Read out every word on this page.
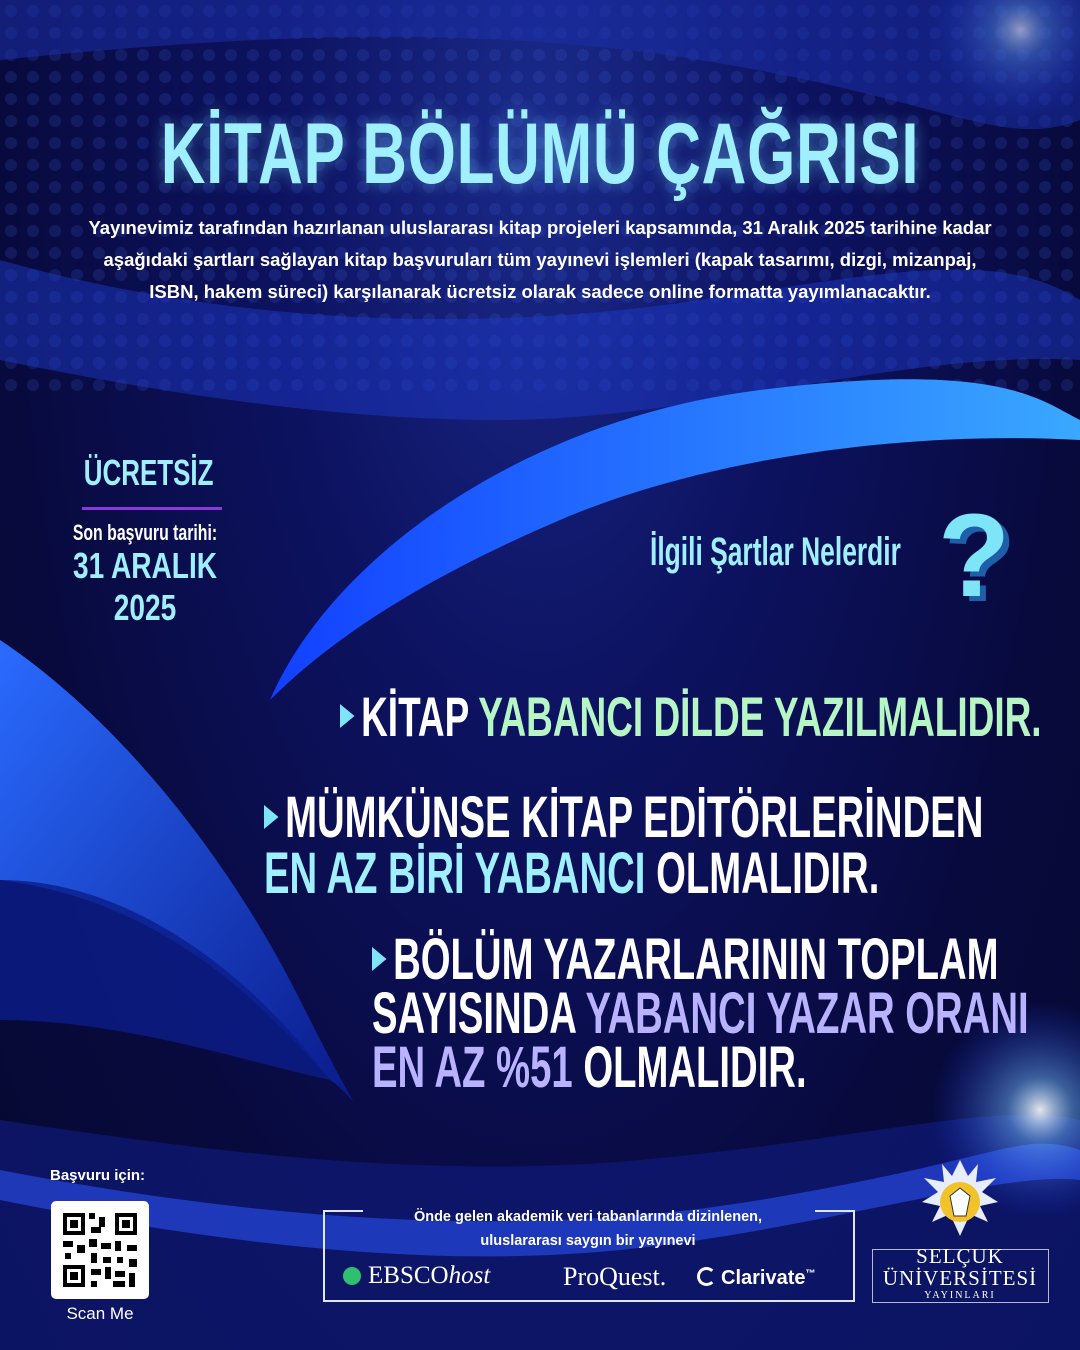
KİTAP BÖLÜMÜ ÇAĞRISI
Yayınevimiz tarafından hazırlanan uluslararası kitap projeleri kapsamında, 31 Aralık 2025 tarihine kadar aşağıdaki şartları sağlayan kitap başvuruları tüm yayınevi işlemleri (kapak tasarımı, dizgi, mizanpaj, ISBN, hakem süreci) karşılanarak ücretsiz olarak sadece online formatta yayımlanacaktır.
ÜCRETSİZ
Son başvuru tarihi:
31 ARALIK 2025
İlgili Şartlar Nelerdir ?
KİTAP YABANCI DİLDE YAZILMALIDIR.
MÜMKÜNSE KİTAP EDİTÖRLERİNDEN
EN AZ BİRİ YABANCI OLMALIDIR.
BÖLÜM YAZARLARININ TOPLAM
SAYISINDA YABANCI YAZAR ORANI
EN AZ %51 OLMALIDIR.
Başvuru için:
Scan Me
Önde gelen akademik veri tabanlarında dizinlenen,
uluslararası saygın bir yayınevi
EBSCOhost	ProQuest.	Clarivate™
SELÇUK
ÜNİVERSİTESİ
YAYINLARI
